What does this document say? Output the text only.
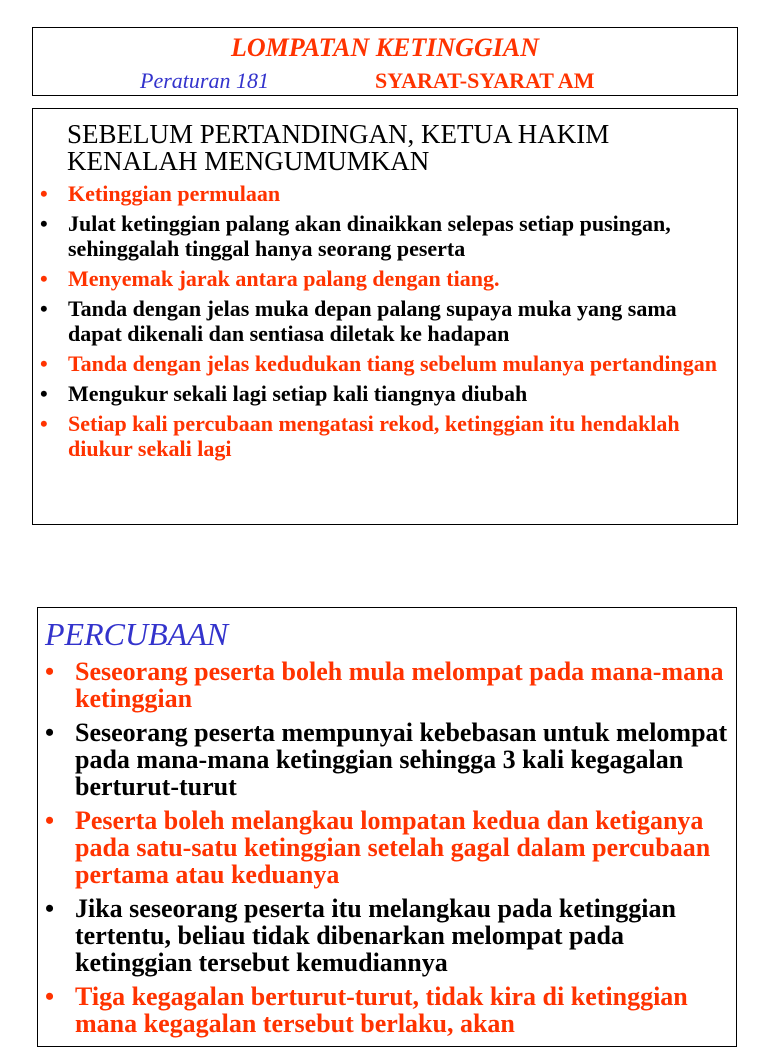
LOMPATAN KETINGGIAN
Peraturan 181	SYARAT-SYARAT AM
SEBELUM PERTANDINGAN, KETUA HAKIM KENALAH MENGUMUMKAN
• Ketinggian permulaan
• Julat ketinggian palang akan dinaikkan selepas setiap pusingan, sehinggalah tinggal hanya seorang peserta
• Menyemak jarak antara palang dengan tiang.
• Tanda dengan jelas muka depan palang supaya muka yang sama dapat dikenali dan sentiasa diletak ke hadapan
• Tanda dengan jelas kedudukan tiang sebelum mulanya pertandingan
• Mengukur sekali lagi setiap kali tiangnya diubah
• Setiap kali percubaan mengatasi rekod, ketinggian itu hendaklah diukur sekali lagi
PERCUBAAN
• Seseorang peserta boleh mula melompat pada mana-mana ketinggian
• Seseorang peserta mempunyai kebebasan untuk melompat pada mana-mana ketinggian sehingga 3 kali kegagalan berturut-turut
• Peserta boleh melangkau lompatan kedua dan ketiganya pada satu-satu ketinggian setelah gagal dalam percubaan pertama atau keduanya
• Jika seseorang peserta itu melangkau pada ketinggian tertentu, beliau tidak dibenarkan melompat pada ketinggian tersebut kemudiannya
• Tiga kegagalan berturut-turut, tidak kira di ketinggian mana kegagalan tersebut berlaku, akan
